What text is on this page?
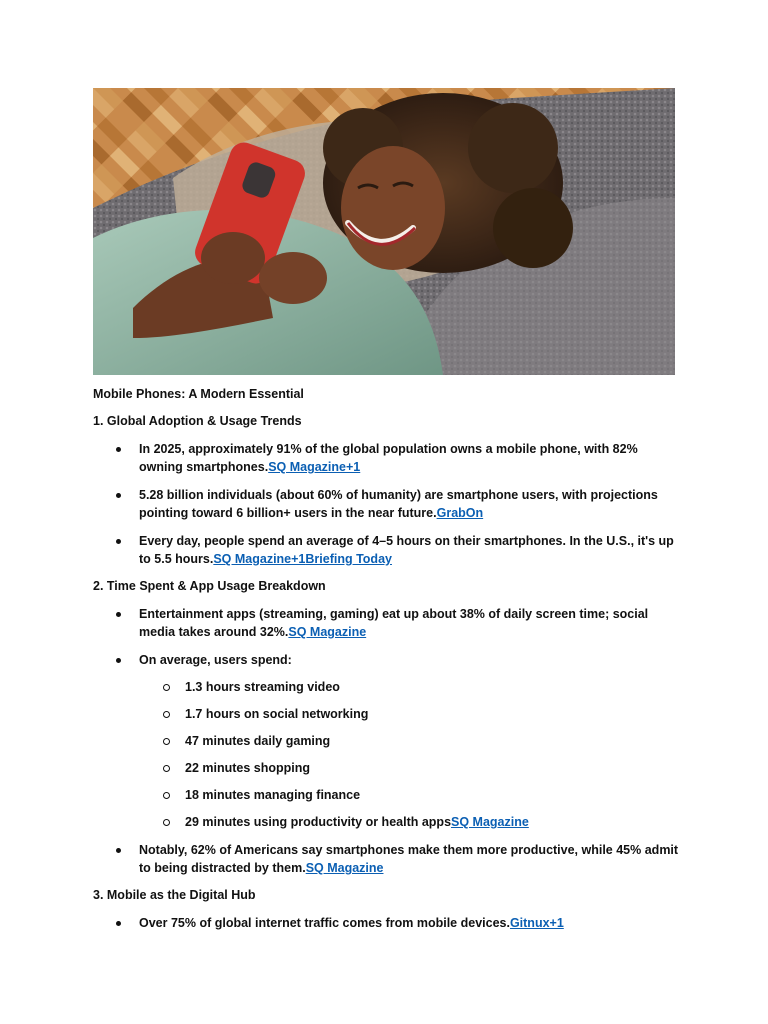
Mobile Phones: A Modern Essential

1. Global Adoption & Usage Trends

In 2025, approximately 91% of the global population owns a mobile phone, with 82% owning smartphones.SQ Magazine+1
5.28 billion individuals (about 60% of humanity) are smartphone users, with projections pointing toward 6 billion+ users in the near future.GrabOn
Every day, people spend an average of 4–5 hours on their smartphones. In the U.S., it's up to 5.5 hours.SQ Magazine+1Briefing Today

2. Time Spent & App Usage Breakdown

Entertainment apps (streaming, gaming) eat up about 38% of daily screen time; social media takes around 32%.SQ Magazine
On average, users spend:
1.3 hours streaming video
1.7 hours on social networking
47 minutes daily gaming
22 minutes shopping
18 minutes managing finance
29 minutes using productivity or health appsSQ Magazine
Notably, 62% of Americans say smartphones make them more productive, while 45% admit to being distracted by them.SQ Magazine

3. Mobile as the Digital Hub

Over 75% of global internet traffic comes from mobile devices.Gitnux+1
